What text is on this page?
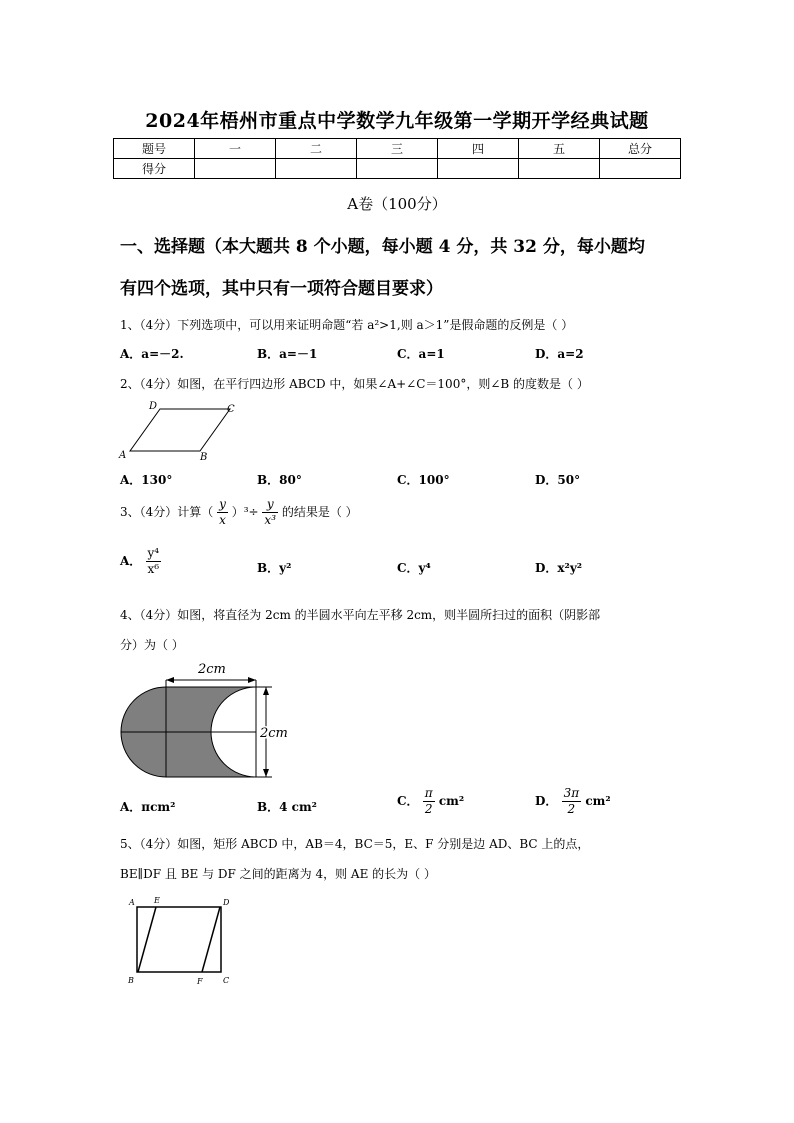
2024年梧州市重点中学数学九年级第一学期开学经典试题
题号	一	二	三	四	五	总分
得分						
A卷（100分）
一、选择题（本大题共 8 个小题，每小题 4 分，共 32 分，每小题均
有四个选项，其中只有一项符合题目要求）
1、（4分）下列选项中，可以用来证明命题“若 a²>1,则 a＞1”是假命题的反例是（ ）
A．a=－2.	B．a=－1	C．a=1	D．a=2
2、（4分）如图，在平行四边形 ABCD 中，如果∠A+∠C＝100°，则∠B 的度数是（ ）
A	B
C
D
A．130°	B．80°	C．100°	D．50°
3、（4分）计算（ $\frac{y}{x} )^3\div \frac{y}{\text{x³}}$ 的结果是（ ）
A． $\frac{\text{y⁴}}{\text{x⁶}}$	B．y²	C．y⁴	D．x²y²
4、（4分）如图，将直径为 2cm 的半圆水平向左平移 2cm，则半圆所扫过的面积（阴影部
分）为（ ）
2cm
2cm
A．πcm²	B．4 cm²	C． $\frac{\pi}{2} cm^2$	D． $\frac{3\pi}{2} cm^2$
5、（4分）如图，矩形 ABCD 中，AB＝4，BC＝5，E、F 分别是边 AD、BC 上的点，
BE∥DF 且 BE 与 DF 之间的距离为 4，则 AE 的长为（ ）
A E	D
B	F	C
